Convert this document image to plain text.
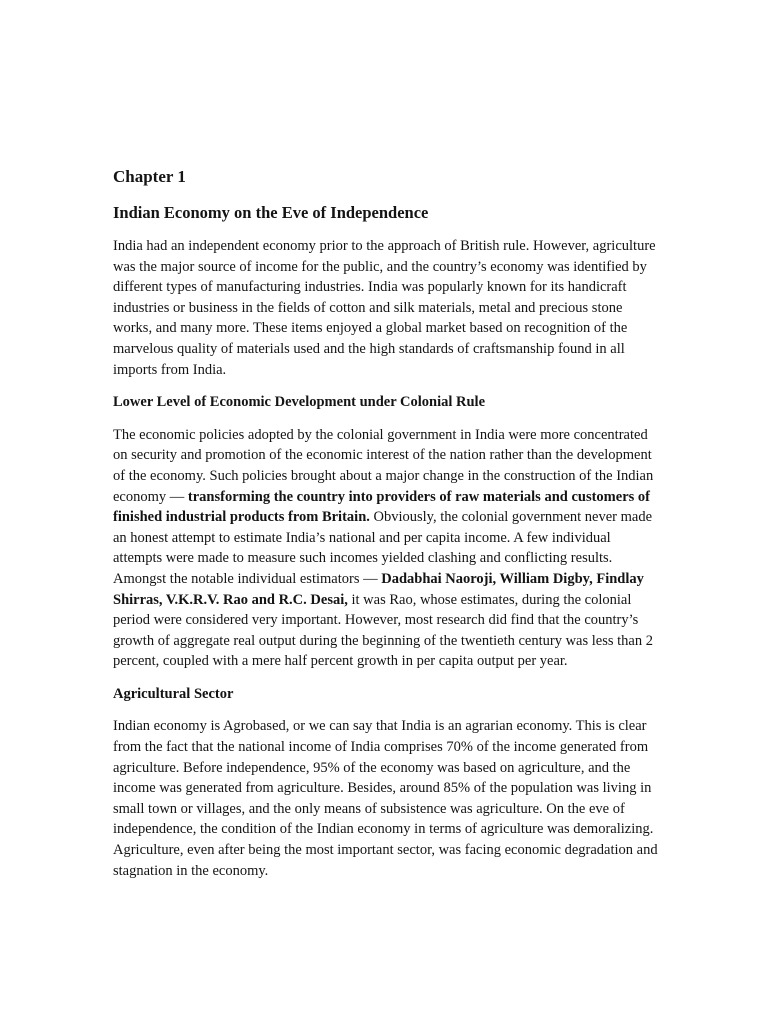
Chapter 1
Indian Economy on the Eve of Independence

India had an independent economy prior to the approach of British rule. However, agriculture was the major source of income for the public, and the country’s economy was identified by different types of manufacturing industries. India was popularly known for its handicraft industries or business in the fields of cotton and silk materials, metal and precious stone works, and many more. These items enjoyed a global market based on recognition of the marvelous quality of materials used and the high standards of craftsmanship found in all imports from India.

Lower Level of Economic Development under Colonial Rule

The economic policies adopted by the colonial government in India were more concentrated on security and promotion of the economic interest of the nation rather than the development of the economy. Such policies brought about a major change in the construction of the Indian economy — transforming the country into providers of raw materials and customers of finished industrial products from Britain. Obviously, the colonial government never made an honest attempt to estimate India’s national and per capita income. A few individual attempts were made to measure such incomes yielded clashing and conflicting results. Amongst the notable individual estimators — Dadabhai Naoroji, William Digby, Findlay Shirras, V.K.R.V. Rao and R.C. Desai, it was Rao, whose estimates, during the colonial period were considered very important. However, most research did find that the country’s growth of aggregate real output during the beginning of the twentieth century was less than 2 percent, coupled with a mere half percent growth in per capita output per year.

Agricultural Sector

Indian economy is Agrobased, or we can say that India is an agrarian economy. This is clear from the fact that the national income of India comprises 70% of the income generated from agriculture. Before independence, 95% of the economy was based on agriculture, and the income was generated from agriculture. Besides, around 85% of the population was living in small town or villages, and the only means of subsistence was agriculture. On the eve of independence, the condition of the Indian economy in terms of agriculture was demoralizing. Agriculture, even after being the most important sector, was facing economic degradation and stagnation in the economy.
